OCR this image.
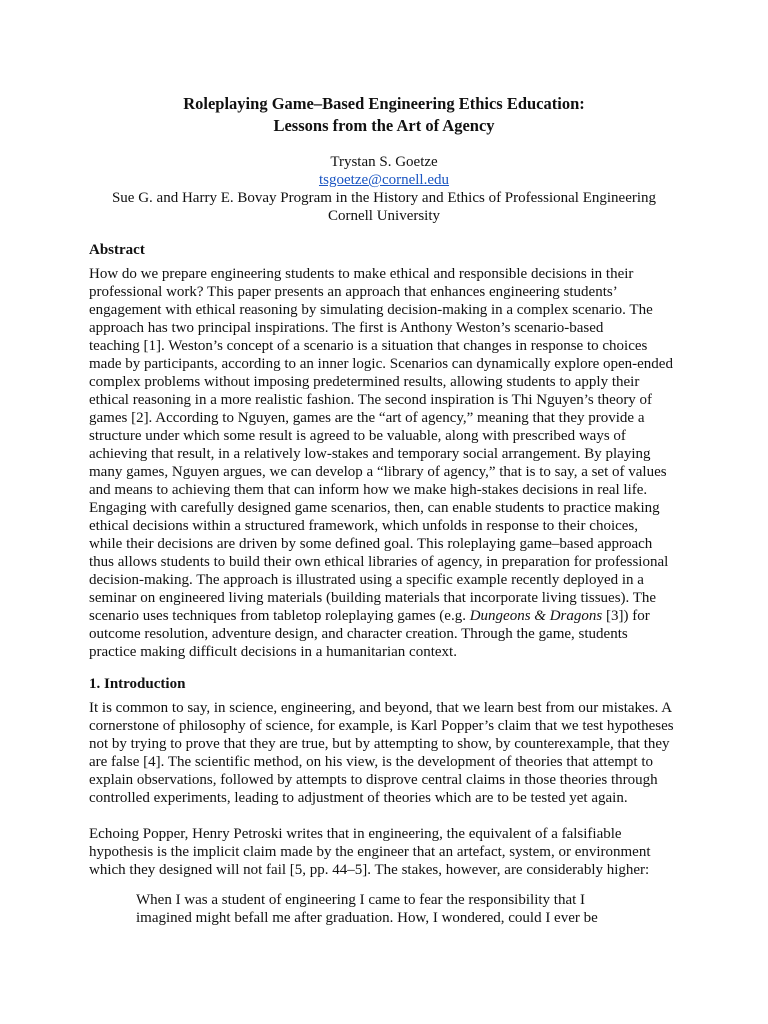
Roleplaying Game–Based Engineering Ethics Education:
Lessons from the Art of Agency
Trystan S. Goetze
tsgoetze@cornell.edu
Sue G. and Harry E. Bovay Program in the History and Ethics of Professional Engineering
Cornell University
Abstract
How do we prepare engineering students to make ethical and responsible decisions in their
professional work? This paper presents an approach that enhances engineering students’
engagement with ethical reasoning by simulating decision-making in a complex scenario. The
approach has two principal inspirations. The first is Anthony Weston’s scenario-based
teaching [1]. Weston’s concept of a scenario is a situation that changes in response to choices
made by participants, according to an inner logic. Scenarios can dynamically explore open-ended
complex problems without imposing predetermined results, allowing students to apply their
ethical reasoning in a more realistic fashion. The second inspiration is Thi Nguyen’s theory of
games [2]. According to Nguyen, games are the “art of agency,” meaning that they provide a
structure under which some result is agreed to be valuable, along with prescribed ways of
achieving that result, in a relatively low-stakes and temporary social arrangement. By playing
many games, Nguyen argues, we can develop a “library of agency,” that is to say, a set of values
and means to achieving them that can inform how we make high-stakes decisions in real life.
Engaging with carefully designed game scenarios, then, can enable students to practice making
ethical decisions within a structured framework, which unfolds in response to their choices,
while their decisions are driven by some defined goal. This roleplaying game–based approach
thus allows students to build their own ethical libraries of agency, in preparation for professional
decision-making. The approach is illustrated using a specific example recently deployed in a
seminar on engineered living materials (building materials that incorporate living tissues). The
scenario uses techniques from tabletop roleplaying games (e.g. Dungeons & Dragons [3]) for
outcome resolution, adventure design, and character creation. Through the game, students
practice making difficult decisions in a humanitarian context.
1. Introduction
It is common to say, in science, engineering, and beyond, that we learn best from our mistakes. A
cornerstone of philosophy of science, for example, is Karl Popper’s claim that we test hypotheses
not by trying to prove that they are true, but by attempting to show, by counterexample, that they
are false [4]. The scientific method, on his view, is the development of theories that attempt to
explain observations, followed by attempts to disprove central claims in those theories through
controlled experiments, leading to adjustment of theories which are to be tested yet again.
Echoing Popper, Henry Petroski writes that in engineering, the equivalent of a falsifiable
hypothesis is the implicit claim made by the engineer that an artefact, system, or environment
which they designed will not fail [5, pp. 44–5]. The stakes, however, are considerably higher:
When I was a student of engineering I came to fear the responsibility that I
imagined might befall me after graduation. How, I wondered, could I ever be
